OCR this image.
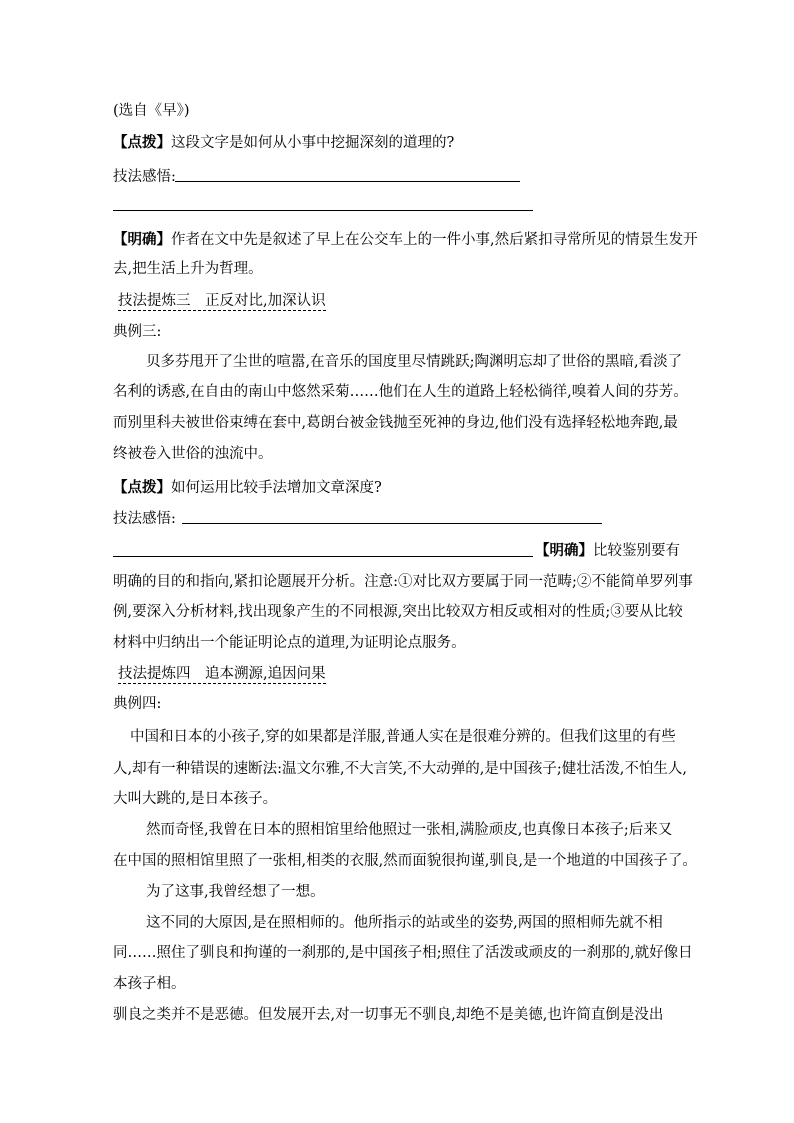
(选自《早》)
【点拨】这段文字是如何从小事中挖掘深刻的道理的?
技法感悟:
【明确】作者在文中先是叙述了早上在公交车上的一件小事,然后紧扣寻常所见的情景生发开
去,把生活上升为哲理。
技法提炼三　正反对比,加深认识
典例三:
贝多芬甩开了尘世的喧嚣,在音乐的国度里尽情跳跃;陶渊明忘却了世俗的黑暗,看淡了
名利的诱惑,在自由的南山中悠然采菊……他们在人生的道路上轻松徜徉,嗅着人间的芬芳。
而别里科夫被世俗束缚在套中,葛朗台被金钱抛至死神的身边,他们没有选择轻松地奔跑,最
终被卷入世俗的浊流中。
【点拨】如何运用比较手法增加文章深度?
技法感悟:
【明确】比较鉴别要有
明确的目的和指向,紧扣论题展开分析。注意:①对比双方要属于同一范畴;②不能简单罗列事
例,要深入分析材料,找出现象产生的不同根源,突出比较双方相反或相对的性质;③要从比较
材料中归纳出一个能证明论点的道理,为证明论点服务。
技法提炼四　追本溯源,追因问果
典例四:
中国和日本的小孩子,穿的如果都是洋服,普通人实在是很难分辨的。但我们这里的有些
人,却有一种错误的速断法:温文尔雅,不大言笑,不大动弹的,是中国孩子;健壮活泼,不怕生人,
大叫大跳的,是日本孩子。
然而奇怪,我曾在日本的照相馆里给他照过一张相,满脸顽皮,也真像日本孩子;后来又
在中国的照相馆里照了一张相,相类的衣服,然而面貌很拘谨,驯良,是一个地道的中国孩子了。
为了这事,我曾经想了一想。
这不同的大原因,是在照相师的。他所指示的站或坐的姿势,两国的照相师先就不相
同……照住了驯良和拘谨的一刹那的,是中国孩子相;照住了活泼或顽皮的一刹那的,就好像日
本孩子相。
驯良之类并不是恶德。但发展开去,对一切事无不驯良,却绝不是美德,也许简直倒是没出
